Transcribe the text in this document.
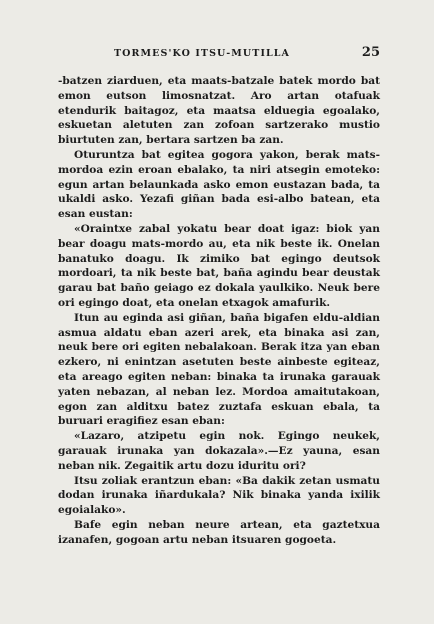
TORMES'KO ITSU-MUTILLA	25

-batzen ziarduen, eta maats-batzale batek mordo bat emon eutson limosnatzat. Aro artan otafuak etendurik baitagoz, eta maatsa elduegia egoalako, eskuetan aletuten zan zofoan sartzerako mustio biurtuten zan, bertara sartzen ba zan.

Oturuntza bat egitea gogora yakon, berak mats-mordoa ezin eroan ebalako, ta niri atsegin emoteko: egun artan belaunkada asko emon eustazan bada, ta ukaldi asko. Yezafi giñan bada esi-albo batean, eta esan eustan:

«Oraintxe zabal yokatu bear doat igaz: biok yan bear doagu mats-mordo au, eta nik beste ik. Onelan banatuko doagu. Ik zimiko bat egingo deutsok mordoari, ta nik beste bat, baña agindu bear deustak garau bat baño geiago ez dokala yaulkiko. Neuk bere ori egingo doat, eta onelan etxagok amafurik.

Itun au eginda asi giñan, baña bigafen eldu-aldian asmua aldatu eban azeri arek, eta binaka asi zan, neuk bere ori egiten nebalakoan. Berak itza yan eban ezkero, ni enintzan asetuten beste ainbeste egiteaz, eta areago egiten neban: binaka ta irunaka garauak yaten nebazan, al neban lez. Mordoa amaitutakoan, egon zan alditxu batez zuztafa eskuan ebala, ta buruari eragifiez esan eban:

«Lazaro, atzipetu egin nok. Egingo neukek, garauak irunaka yan dokazala».—Ez yauna, esan neban nik. Zegaitik artu dozu iduritu ori?

Itsu zoliak erantzun eban: «Ba dakik zetan usmatu dodan irunaka iñardukala? Nik binaka yanda ixilik egoialako».

Bafe egin neban neure artean, eta gaztetxua izanafen, gogoan artu neban itsuaren gogoeta.
